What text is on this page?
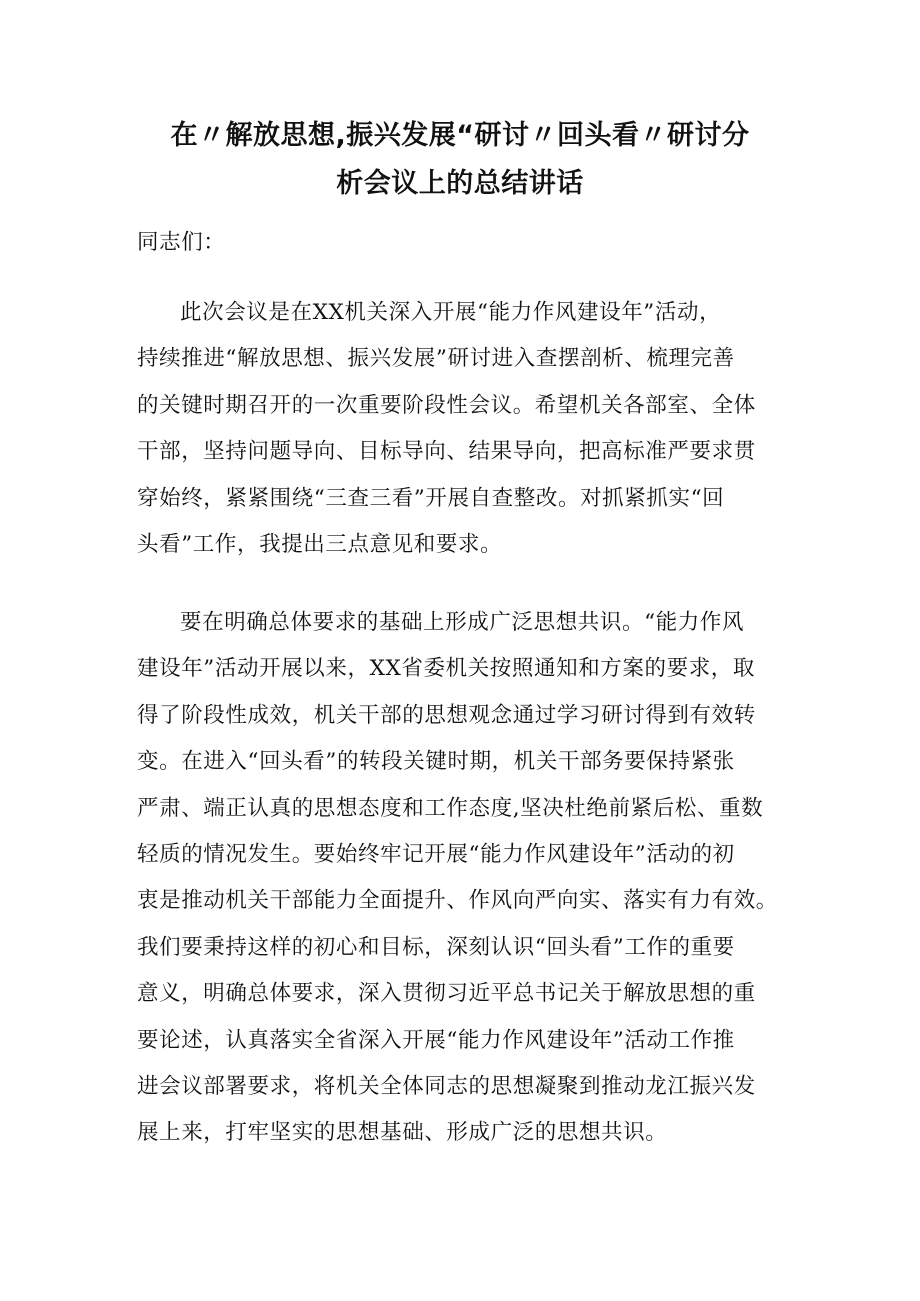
在〃解放思想,振兴发展“研讨〃回头看〃研讨分
析会议上的总结讲话
同志们：
此次会议是在XX机关深入开展“能力作风建设年”活动，
持续推进“解放思想、振兴发展”研讨进入查摆剖析、梳理完善
的关键时期召开的一次重要阶段性会议。希望机关各部室、全体
干部，坚持问题导向、目标导向、结果导向，把高标准严要求贯
穿始终，紧紧围绕“三查三看”开展自查整改。对抓紧抓实“回
头看”工作，我提出三点意见和要求。
要在明确总体要求的基础上形成广泛思想共识。“能力作风
建设年”活动开展以来，XX省委机关按照通知和方案的要求，取
得了阶段性成效，机关干部的思想观念通过学习研讨得到有效转
变。在进入“回头看”的转段关键时期，机关干部务要保持紧张
严肃、端正认真的思想态度和工作态度,坚决杜绝前紧后松、重数
轻质的情况发生。要始终牢记开展“能力作风建设年”活动的初
衷是推动机关干部能力全面提升、作风向严向实、落实有力有效。
我们要秉持这样的初心和目标，深刻认识“回头看”工作的重要
意义，明确总体要求，深入贯彻习近平总书记关于解放思想的重
要论述，认真落实全省深入开展“能力作风建设年”活动工作推
进会议部署要求，将机关全体同志的思想凝聚到推动龙江振兴发
展上来，打牢坚实的思想基础、形成广泛的思想共识。
